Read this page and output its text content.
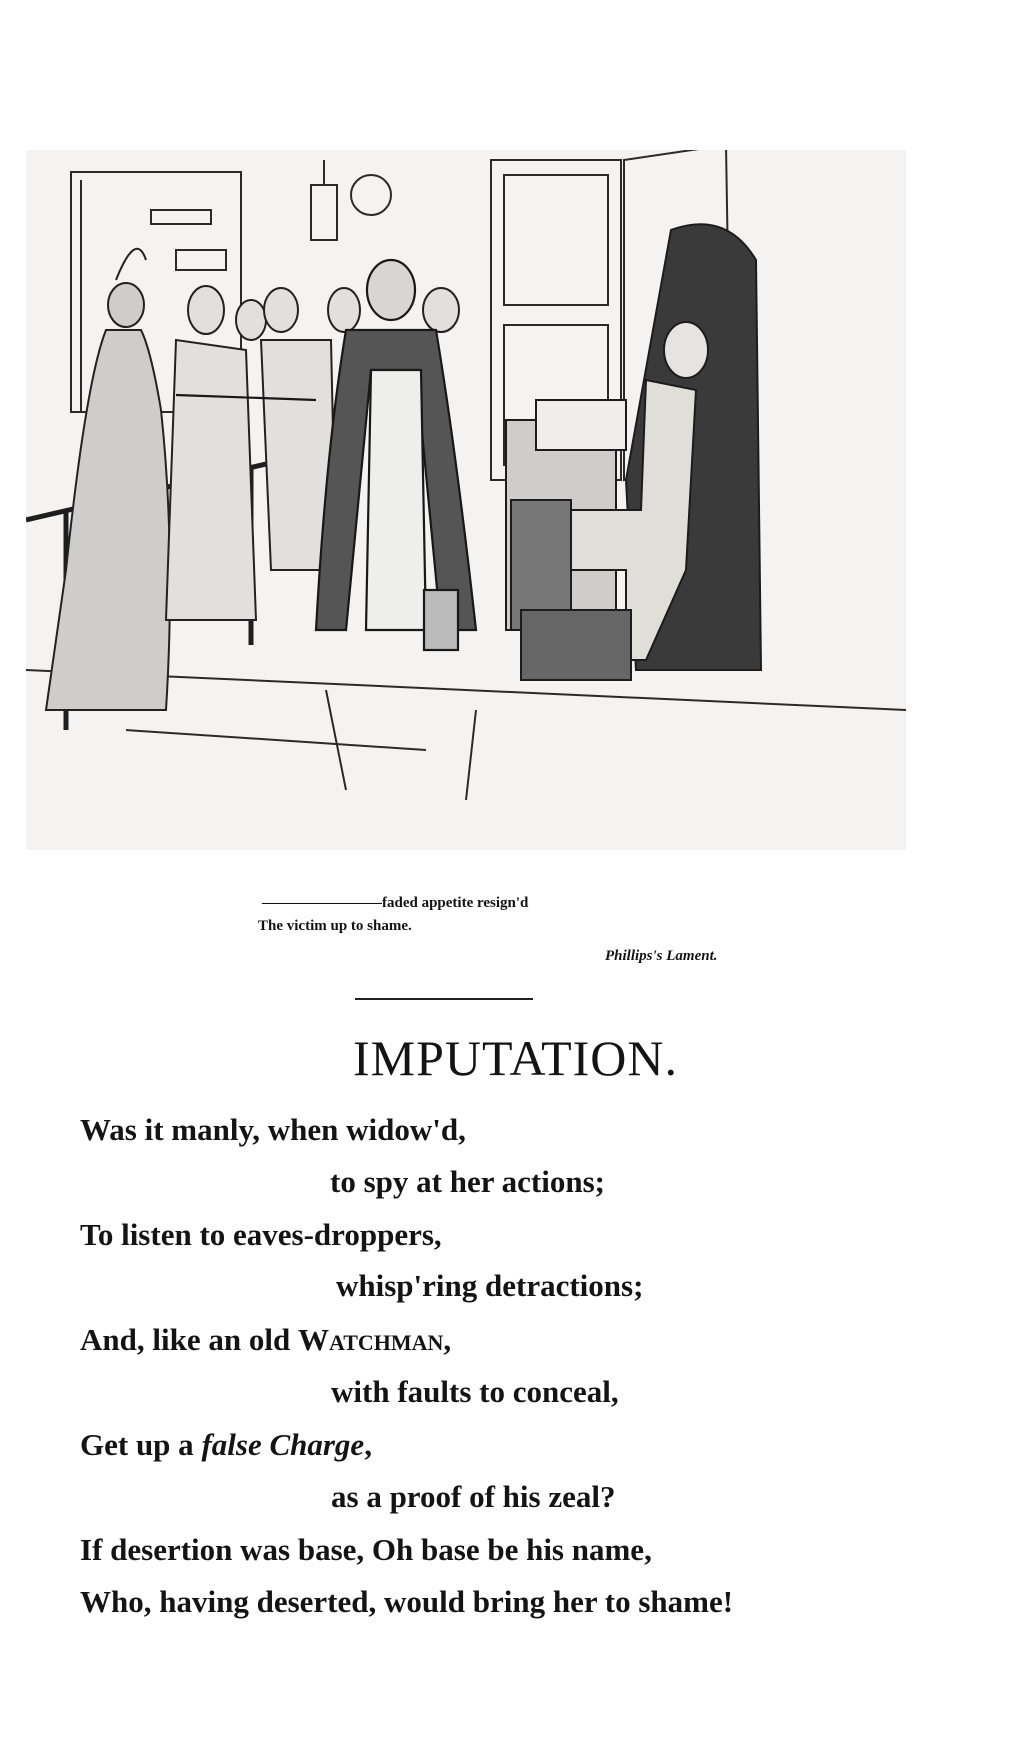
————————faded appetite resign'd
The victim up to shame.
Phillips's Lament.
IMPUTATION.
Was it manly, when widow'd,
to spy at her actions;
To listen to eaves-droppers,
whisp'ring detractions;
And, like an old Watchman,
with faults to conceal,
Get up a false Charge,
as a proof of his zeal?
If desertion was base, Oh base be his name,
Who, having deserted, would bring her to shame!
